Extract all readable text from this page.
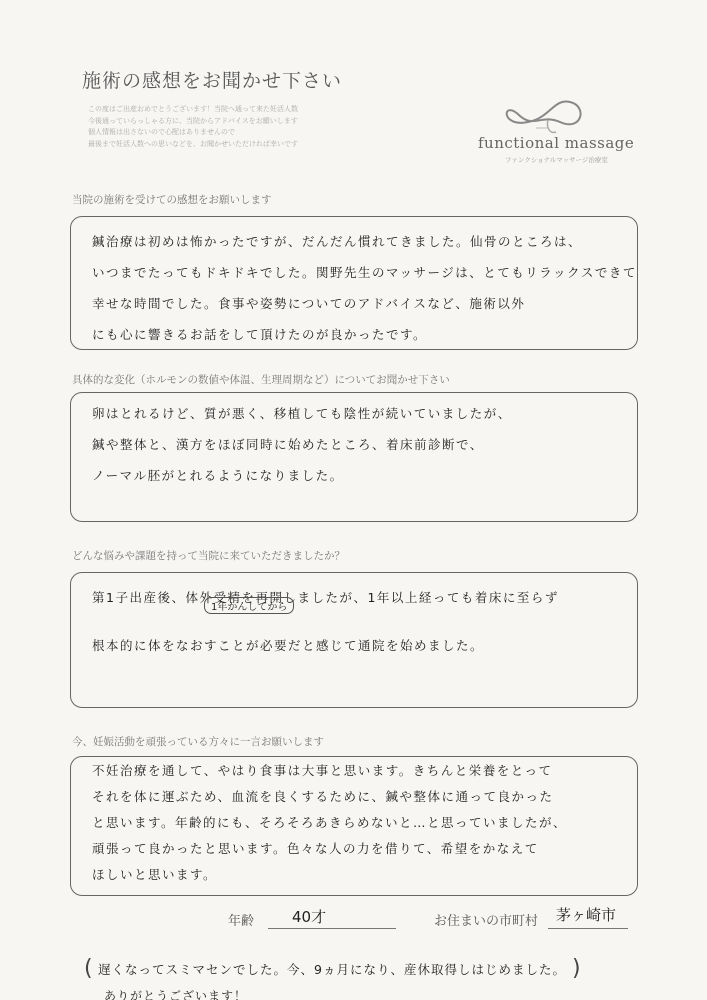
施術の感想をお聞かせ下さい
この度はご出産おめでとうございます！当院へ通って来た妊活人数
今後通っていらっしゃる方に、当院からアドバイスをお願いします
個人情報は出さないので心配はありませんので
最後まで妊活人数への思いなどを、お聞かせいただければ幸いです	functional massage
ファンクショナルマッサージ治療室
当院の施術を受けての感想をお願いします
鍼治療は初めは怖かったですが、だんだん慣れてきました。仙骨のところは、
いつまでたってもドキドキでした。関野先生のマッサージは、とてもリラックスできて
幸せな時間でした。食事や姿勢についてのアドバイスなど、施術以外
にも心に響きるお話をして頂けたのが良かったです。
具体的な変化（ホルモンの数値や体温、生理周期など）についてお聞かせ下さい
卵はとれるけど、質が悪く、移植しても陰性が続いていましたが、
鍼や整体と、漢方をほぼ同時に始めたところ、着床前診断で、
ノーマル胚がとれるようになりました。
どんな悩みや課題を持って当院に来ていただきましたか？
第1子出産後、体外受精を再開しましたが、1年以上経っても着床に至らず
根本的に体をなおすことが必要だと感じて通院を始めました。
1年かんしてから
今、妊娠活動を頑張っている方々に一言お願いします
不妊治療を通して、やはり食事は大事と思います。きちんと栄養をとって
それを体に運ぶため、血流を良くするために、鍼や整体に通って良かった
と思います。年齢的にも、そろそろあきらめないと…と思っていましたが、
頑張って良かったと思います。色々な人の力を借りて、希望をかなえて
ほしいと思います。
年齢	40才	お住まいの市町村 茅ヶ崎市
( 遅くなってスミマセンでした。今、9ヵ月になり、産休取得しはじめました。 )
ありがとうございます！
